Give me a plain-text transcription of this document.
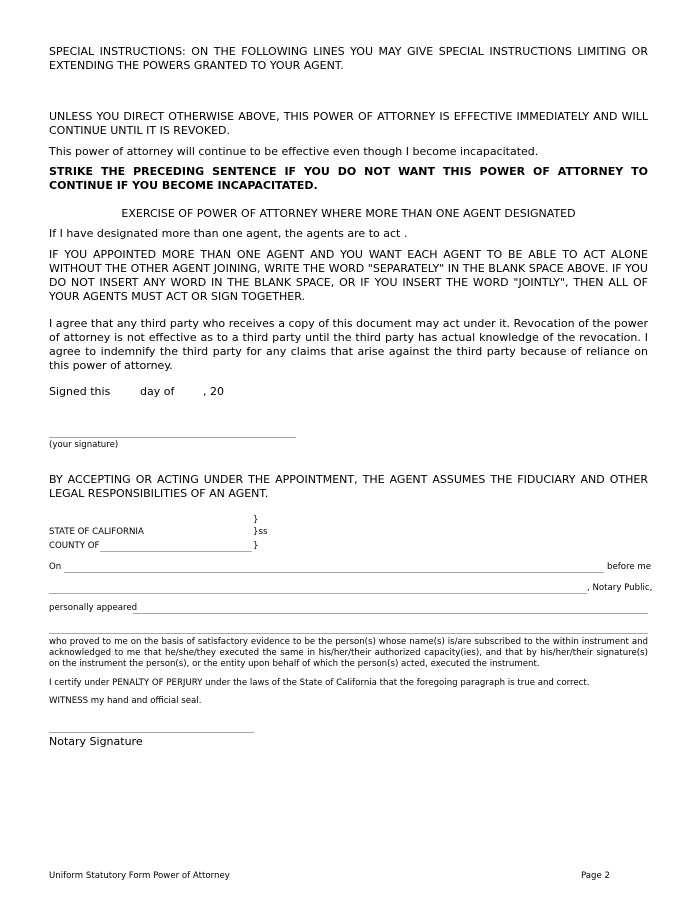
SPECIAL INSTRUCTIONS: ON THE FOLLOWING LINES YOU MAY GIVE SPECIAL INSTRUCTIONS LIMITING OR EXTENDING THE POWERS GRANTED TO YOUR AGENT.

UNLESS YOU DIRECT OTHERWISE ABOVE, THIS POWER OF ATTORNEY IS EFFECTIVE IMMEDIATELY AND WILL CONTINUE UNTIL IT IS REVOKED.

This power of attorney will continue to be effective even though I become incapacitated.

STRIKE THE PRECEDING SENTENCE IF YOU DO NOT WANT THIS POWER OF ATTORNEY TO CONTINUE IF YOU BECOME INCAPACITATED.

EXERCISE OF POWER OF ATTORNEY WHERE MORE THAN ONE AGENT DESIGNATED

If I have designated more than one agent, the agents are to act .

IF YOU APPOINTED MORE THAN ONE AGENT AND YOU WANT EACH AGENT TO BE ABLE TO ACT ALONE WITHOUT THE OTHER AGENT JOINING, WRITE THE WORD "SEPARATELY" IN THE BLANK SPACE ABOVE. IF YOU DO NOT INSERT ANY WORD IN THE BLANK SPACE, OR IF YOU INSERT THE WORD "JOINTLY", THEN ALL OF YOUR AGENTS MUST ACT OR SIGN TOGETHER.

I agree that any third party who receives a copy of this document may act under it. Revocation of the power of attorney is not effective as to a third party until the third party has actual knowledge of the revocation. I agree to indemnify the third party for any claims that arise against the third party because of reliance on this power of attorney.

Signed this	day of	, 20

(your signature)

BY ACCEPTING OR ACTING UNDER THE APPOINTMENT, THE AGENT ASSUMES THE FIDUCIARY AND OTHER LEGAL RESPONSIBILITIES OF AN AGENT.

}

STATE OF CALIFORNIA	}ss

COUNTY OF	}

On	before me

, Notary Public,

personally appeared

who proved to me on the basis of satisfactory evidence to be the person(s) whose name(s) is/are subscribed to the within instrument and acknowledged to me that he/she/they executed the same in his/her/their authorized capacity(ies), and that by his/her/their signature(s) on the instrument the person(s), or the entity upon behalf of which the person(s) acted, executed the instrument.

I certify under PENALTY OF PERJURY under the laws of the State of California that the foregoing paragraph is true and correct.

WITNESS my hand and official seal.

Notary Signature

Uniform Statutory Form Power of Attorney	Page 2
